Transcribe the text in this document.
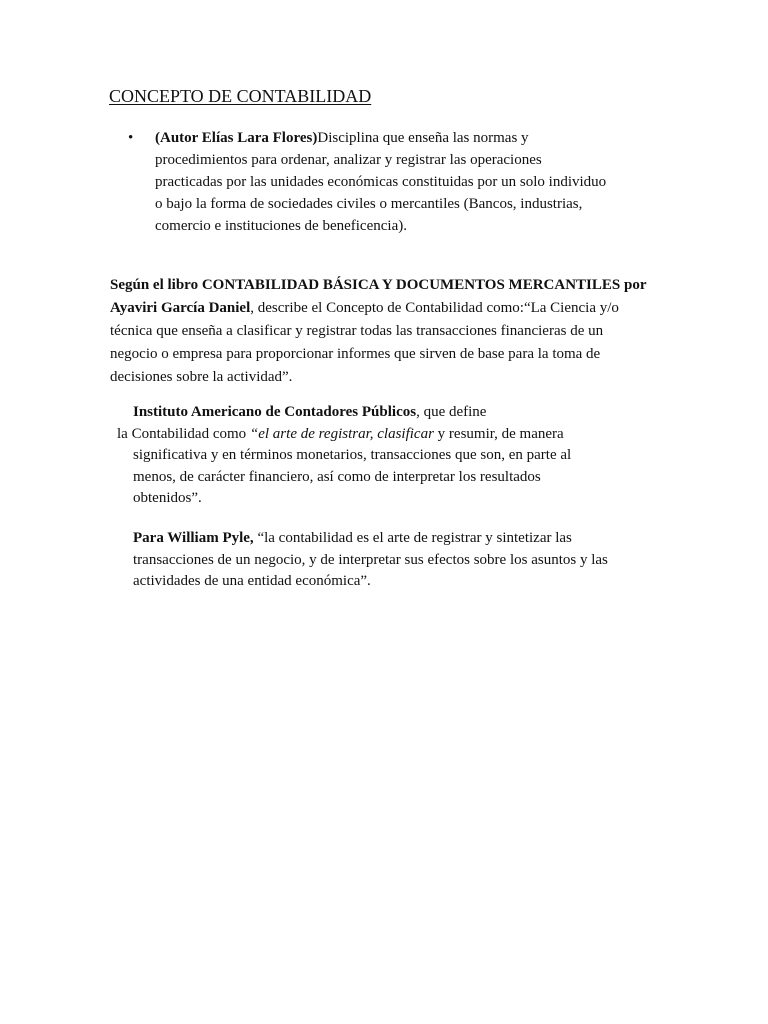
CONCEPTO DE CONTABILIDAD
• (Autor Elías Lara Flores)Disciplina que enseña las normas y
procedimientos para ordenar, analizar y registrar las operaciones
practicadas por las unidades económicas constituidas por un solo individuo
o bajo la forma de sociedades civiles o mercantiles (Bancos, industrias,
comercio e instituciones de beneficencia).
Según el libro CONTABILIDAD BÁSICA Y DOCUMENTOS MERCANTILES por
Ayaviri García Daniel, describe el Concepto de Contabilidad como:“La Ciencia y/o
técnica que enseña a clasificar y registrar todas las transacciones financieras de un
negocio o empresa para proporcionar informes que sirven de base para la toma de
decisiones sobre la actividad”.
Instituto Americano de Contadores Públicos, que define
la Contabilidad como “el arte de registrar, clasificar y resumir, de manera
significativa y en términos monetarios, transacciones que son, en parte al
menos, de carácter financiero, así como de interpretar los resultados
obtenidos”.
Para William Pyle, “la contabilidad es el arte de registrar y sintetizar las
transacciones de un negocio, y de interpretar sus efectos sobre los asuntos y las
actividades de una entidad económica”.
